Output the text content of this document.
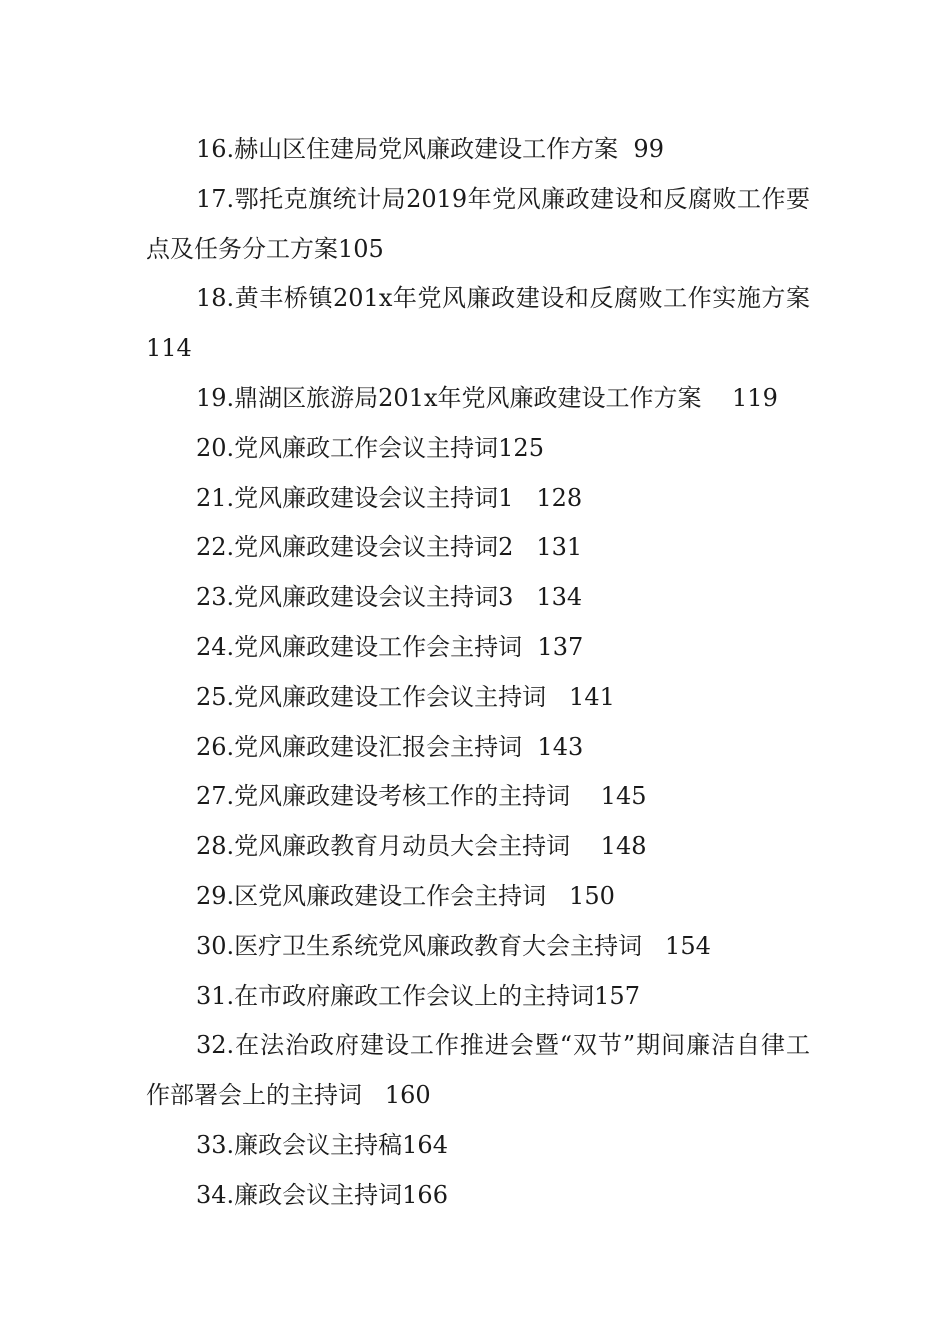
16.赫山区住建局党风廉政建设工作方案  99

17.鄂托克旗统计局2019年党风廉政建设和反腐败工作要点及任务分工方案105

18.黄丰桥镇201x年党风廉政建设和反腐败工作实施方案 114

19.鼎湖区旅游局201x年党风廉政建设工作方案    119

20.党风廉政工作会议主持词125

21.党风廉政建设会议主持词1   128

22.党风廉政建设会议主持词2   131

23.党风廉政建设会议主持词3   134

24.党风廉政建设工作会主持词  137

25.党风廉政建设工作会议主持词   141

26.党风廉政建设汇报会主持词  143

27.党风廉政建设考核工作的主持词    145

28.党风廉政教育月动员大会主持词    148

29.区党风廉政建设工作会主持词   150

30.医疗卫生系统党风廉政教育大会主持词   154

31.在市政府廉政工作会议上的主持词157

32.在法治政府建设工作推进会暨“双节”期间廉洁自律工作部署会上的主持词   160

33.廉政会议主持稿164

34.廉政会议主持词166
